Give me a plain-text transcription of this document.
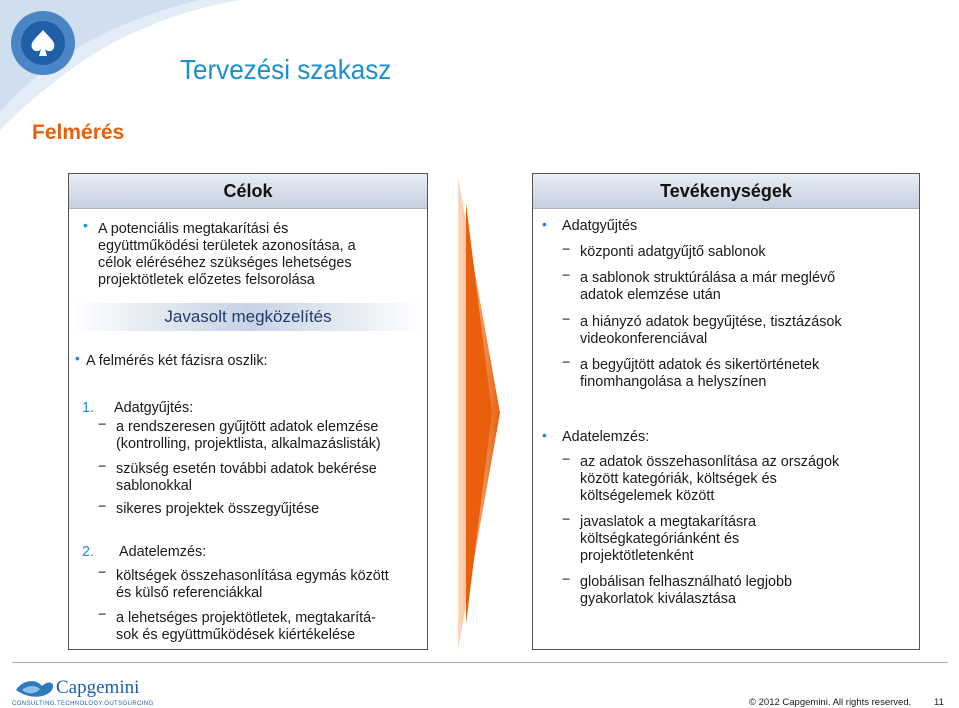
Tervezési szakasz
Felmérés
Célok
• A potenciális megtakarítási és
együttműködési területek azonosítása, a
célok eléréséhez szükséges lehetséges
projektötletek előzetes felsorolása
Javasolt megközelítés
• A felmérés két fázisra oszlik:
1. Adatgyűjtés:
− a rendszeresen gyűjtött adatok elemzése
(kontrolling, projektlista, alkalmazáslisták)
− szükség esetén további adatok bekérése
sablonokkal
− sikeres projektek összegyűjtése
2. Adatelemzés:
− költségek összehasonlítása egymás között
és külső referenciákkal
− a lehetséges projektötletek, megtakarítá-
sok és együttműködések kiértékelése
Tevékenységek
• Adatgyűjtés
− központi adatgyűjtő sablonok
− a sablonok struktúrálása a már meglévő
adatok elemzése után
− a hiányzó adatok begyűjtése, tisztázások
videokonferenciával
− a begyűjtött adatok és sikertörténetek
finomhangolása a helyszínen
• Adatelemzés:
− az adatok összehasonlítása az országok
között kategóriák, költségek és
költségelemek között
− javaslatok a megtakarításra
költségkategóriánként és
projektötletenként
− globálisan felhasználható legjobb
gyakorlatok kiválasztása
Capgemini
CONSULTING.TECHNOLOGY.OUTSOURCING	© 2012 Capgemini. All rights reserved. 11
